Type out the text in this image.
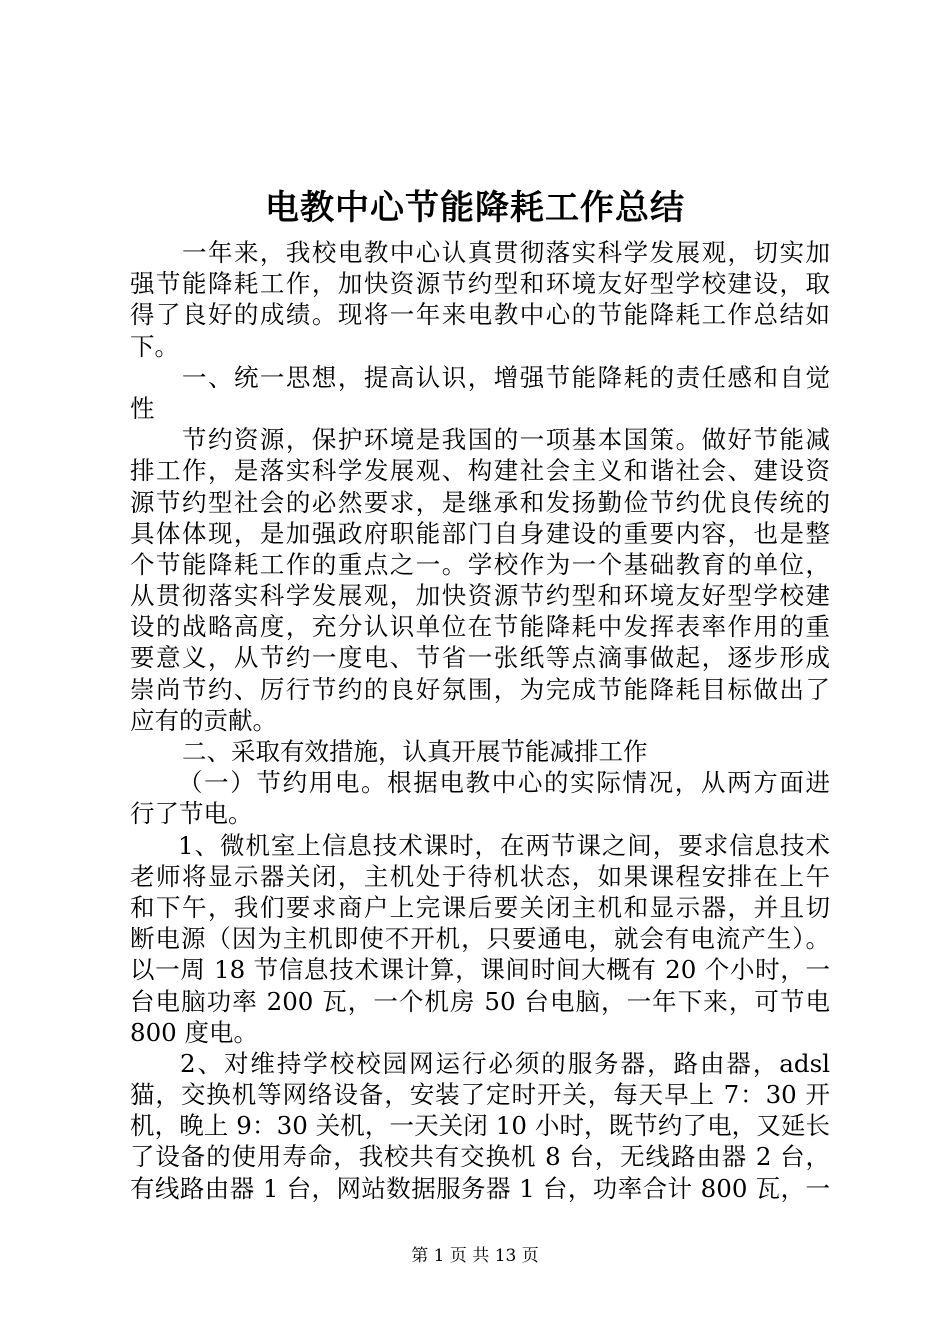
电教中心节能降耗工作总结
一年来，我校电教中心认真贯彻落实科学发展观，切实加
强节能降耗工作，加快资源节约型和环境友好型学校建设，取
得了良好的成绩。现将一年来电教中心的节能降耗工作总结如
下。
一、统一思想，提高认识，增强节能降耗的责任感和自觉
性
节约资源，保护环境是我国的一项基本国策。做好节能减
排工作，是落实科学发展观、构建社会主义和谐社会、建设资
源节约型社会的必然要求，是继承和发扬勤俭节约优良传统的
具体体现，是加强政府职能部门自身建设的重要内容，也是整
个节能降耗工作的重点之一。学校作为一个基础教育的单位，
从贯彻落实科学发展观，加快资源节约型和环境友好型学校建
设的战略高度，充分认识单位在节能降耗中发挥表率作用的重
要意义，从节约一度电、节省一张纸等点滴事做起，逐步形成
崇尚节约、厉行节约的良好氛围，为完成节能降耗目标做出了
应有的贡献。
二、采取有效措施，认真开展节能减排工作
（一）节约用电。根据电教中心的实际情况，从两方面进
行了节电。
1、微机室上信息技术课时，在两节课之间，要求信息技术
老师将显示器关闭，主机处于待机状态，如果课程安排在上午
和下午，我们要求商户上完课后要关闭主机和显示器，并且切
断电源（因为主机即使不开机，只要通电，就会有电流产生）。
以一周 18 节信息技术课计算，课间时间大概有 20 个小时，一
台电脑功率 200 瓦，一个机房 50 台电脑，一年下来，可节电
800 度电。
2、对维持学校校园网运行必须的服务器，路由器，adsl
猫，交换机等网络设备，安装了定时开关，每天早上 7：30 开
机，晚上 9：30 关机，一天关闭 10 小时，既节约了电，又延长
了设备的使用寿命，我校共有交换机 8 台，无线路由器 2 台，
有线路由器 1 台，网站数据服务器 1 台，功率合计 800 瓦，一
第 1 页 共 13 页
